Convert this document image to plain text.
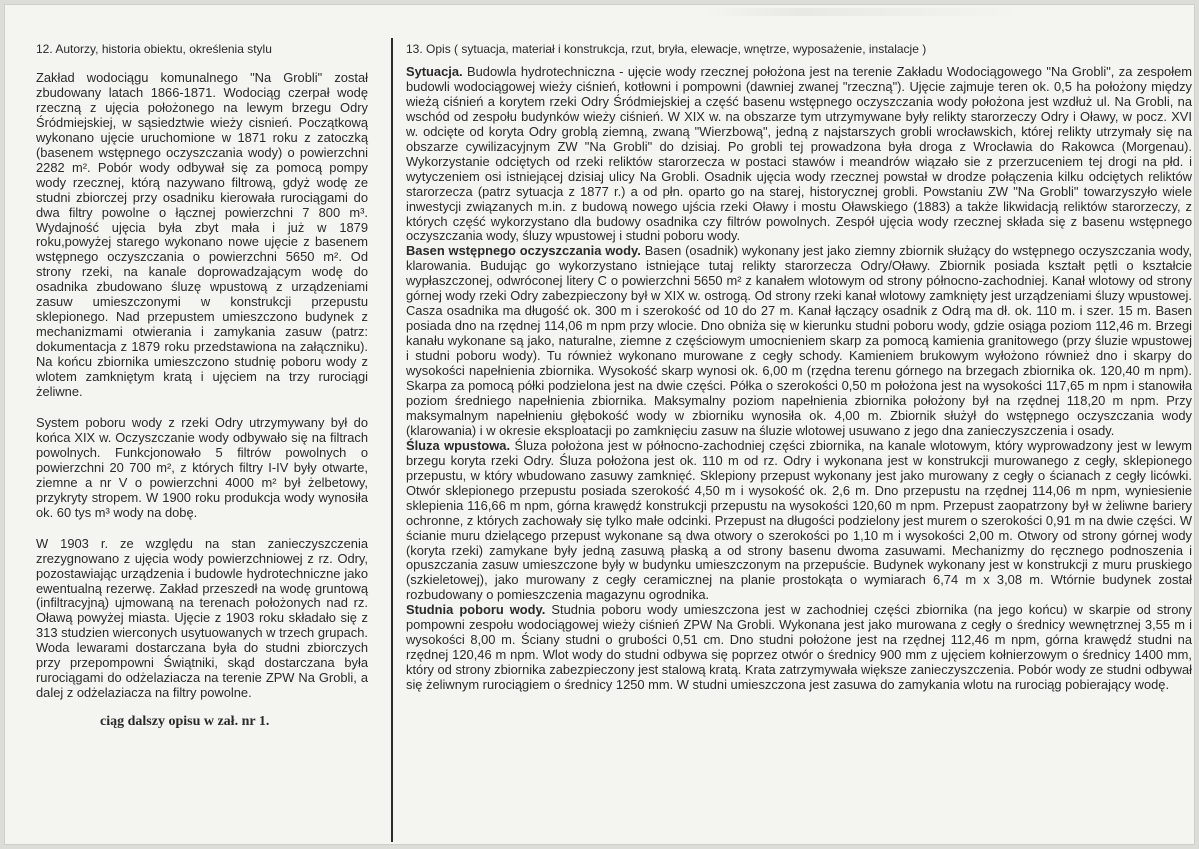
12. Autorzy, historia obiektu, określenia stylu

Zakład wodociągu komunalnego "Na Grobli" został zbudowany latach 1866-1871. Wodociąg czerpał wodę rzeczną z ujęcia położonego na lewym brzegu Odry Śródmiejskiej, w sąsiedztwie wieży cisnień. Początkową wykonano ujęcie uruchomione w 1871 roku z zatoczką (basenem wstępnego oczyszczania wody) o powierzchni 2282 m². Pobór wody odbywał się za pomocą pompy wody rzecznej, którą nazywano filtrową, gdyż wodę ze studni zbiorczej przy osadniku kierowała rurociągami do dwa filtry powolne o łącznej powierzchni 7 800 m³. Wydajność ujęcia była zbyt mała i już w 1879 roku,powyżej starego wykonano nowe ujęcie z basenem wstępnego oczyszczania o powierzchni 5650 m². Od strony rzeki, na kanale doprowadzającym wodę do osadnika zbudowano śluzę wpustową z urządzeniami zasuw umieszczonymi w konstrukcji przepustu sklepionego. Nad przepustem umieszczono budynek z mechanizmami otwierania i zamykania zasuw (patrz: dokumentacja z 1879 roku przedstawiona na załączniku). Na końcu zbiornika umieszczono studnię poboru wody z wlotem zamkniętym kratą i ujęciem na trzy rurociągi żeliwne.

System poboru wody z rzeki Odry utrzymywany był do końca XIX w. Oczyszczanie wody odbywało się na filtrach powolnych. Funkcjonowało 5 filtrów powolnych o powierzchni 20 700 m², z których filtry I-IV były otwarte, ziemne a nr V o powierzchni 4000 m² był żelbetowy, przykryty stropem. W 1900 roku produkcja wody wynosiła ok. 60 tys m³ wody na dobę.

W 1903 r. ze względu na stan zanieczyszczenia zrezygnowano z ujęcia wody powierzchniowej z rz. Odry, pozostawiając urządzenia i budowle hydrotechniczne jako ewentualną rezerwę. Zakład przeszedł na wodę gruntową (infiltracyjną) ujmowaną na terenach położonych nad rz. Oławą powyżej miasta. Ujęcie z 1903 roku składało się z 313 studzien wierconych usytuowanych w trzech grupach. Woda lewarami dostarczana była do studni zbiorczych przy przepompowni Świątniki, skąd dostarczana była rurociągami do odżelaziacza na terenie ZPW Na Grobli, a dalej z odżelaziacza na filtry powolne.

ciąg dalszy opisu w zał. nr 1.

13. Opis ( sytuacja, materiał i konstrukcja, rzut, bryła, elewacje, wnętrze, wyposażenie, instalacje )

Sytuacja. Budowla hydrotechniczna - ujęcie wody rzecznej położona jest na terenie Zakładu Wodociągowego "Na Grobli", za zespołem budowli wodociągowej wieży ciśnień, kotłowni i pompowni (dawniej zwanej "rzeczną"). Ujęcie zajmuje teren ok. 0,5 ha położony między wieżą ciśnień a korytem rzeki Odry Śródmiejskiej a część basenu wstępnego oczyszczania wody położona jest wzdłuż ul. Na Grobli, na wschód od zespołu budynków wieży ciśnień. W XIX w. na obszarze tym utrzymywane były relikty starorzeczy Odry i Oławy, w pocz. XVI w. odcięte od koryta Odry groblą ziemną, zwaną "Wierzbową", jedną z najstarszych grobli wrocławskich, której relikty utrzymały się na obszarze cywilizacyjnym ZW "Na Grobli" do dzisiaj. Po grobli tej prowadzona była droga z Wrocławia do Rakowca (Morgenau). Wykorzystanie odciętych od rzeki reliktów starorzecza w postaci stawów i meandrów wiązało sie z przerzuceniem tej drogi na płd. i wytyczeniem osi istniejącej dzisiaj ulicy Na Grobli. Osadnik ujęcia wody rzecznej powstał w drodze połączenia kilku odciętych reliktów starorzecza (patrz sytuacja z 1877 r.) a od płn. oparto go na starej, historycznej grobli. Powstaniu ZW "Na Grobli" towarzyszyło wiele inwestycji związanych m.in. z budową nowego ujścia rzeki Oławy i mostu Oławskiego (1883) a także likwidacją reliktów starorzeczy, z których część wykorzystano dla budowy osadnika czy filtrów powolnych. Zespół ujęcia wody rzecznej składa się z basenu wstępnego oczyszczania wody, śluzy wpustowej i studni poboru wody.

Basen wstępnego oczyszczania wody. Basen (osadnik) wykonany jest jako ziemny zbiornik służący do wstępnego oczyszczania wody, klarowania. Budując go wykorzystano istniejące tutaj relikty starorzecza Odry/Oławy. Zbiornik posiada kształt pętli o kształcie wypłaszczonej, odwróconej litery C o powierzchni 5650 m² z kanałem wlotowym od strony północno-zachodniej. Kanał wlotowy od strony górnej wody rzeki Odry zabezpieczony był w XIX w. ostrogą. Od strony rzeki kanał wlotowy zamknięty jest urządzeniami śluzy wpustowej. Casza osadnika ma długość ok. 300 m i szerokość od 10 do 27 m. Kanał łączący osadnik z Odrą ma dł. ok. 110 m. i szer. 15 m. Basen posiada dno na rzędnej 114,06 m npm przy wlocie. Dno obniża się w kierunku studni poboru wody, gdzie osiąga poziom 112,46 m. Brzegi kanału wykonane są jako, naturalne, ziemne z częściowym umocnieniem skarp za pomocą kamienia granitowego (przy śluzie wpustowej i studni poboru wody). Tu również wykonano murowane z cegły schody. Kamieniem brukowym wyłożono również dno i skarpy do wysokości napełnienia zbiornika. Wysokość skarp wynosi ok. 6,00 m (rzędna terenu górnego na brzegach zbiornika ok. 120,40 m npm). Skarpa za pomocą półki podzielona jest na dwie części. Półka o szerokości 0,50 m położona jest na wysokości 117,65 m npm i stanowiła poziom średniego napełnienia zbiornika. Maksymalny poziom napełnienia zbiornika położony był na rzędnej 118,20 m npm. Przy maksymalnym napełnieniu głębokość wody w zbiorniku wynosiła ok. 4,00 m. Zbiornik służył do wstępnego oczyszczania wody (klarowania) i w okresie eksploatacji po zamknięciu zasuw na śluzie wlotowej usuwano z jego dna zanieczyszczenia i osady.

Śluza wpustowa. Śluza położona jest w północno-zachodniej części zbiornika, na kanale wlotowym, który wyprowadzony jest w lewym brzegu koryta rzeki Odry. Śluza położona jest ok. 110 m od rz. Odry i wykonana jest w konstrukcji murowanego z cegły, sklepionego przepustu, w który wbudowano zasuwy zamknięć. Sklepiony przepust wykonany jest jako murowany z cegły o ścianach z cegły licówki. Otwór sklepionego przepustu posiada szerokość 4,50 m i wysokość ok. 2,6 m. Dno przepustu na rzędnej 114,06 m npm, wyniesienie sklepienia 116,66 m npm, górna krawędź konstrukcji przepustu na wysokości 120,60 m npm. Przepust zaopatrzony był w żeliwne bariery ochronne, z których zachowały się tylko małe odcinki. Przepust na długości podzielony jest murem o szerokości 0,91 m na dwie części. W ścianie muru dzielącego przepust wykonane są dwa otwory o szerokości po 1,10 m i wysokości 2,00 m. Otwory od strony górnej wody (koryta rzeki) zamykane były jedną zasuwą płaską a od strony basenu dwoma zasuwami. Mechanizmy do ręcznego podnoszenia i opuszczania zasuw umieszczone były w budynku umieszczonym na przepuście. Budynek wykonany jest w konstrukcji z muru pruskiego (szkieletowej), jako murowany z cegły ceramicznej na planie prostokąta o wymiarach 6,74 m x 3,08 m. Wtórnie budynek został rozbudowany o pomieszczenia magazynu ogrodnika.

Studnia poboru wody. Studnia poboru wody umieszczona jest w zachodniej części zbiornika (na jego końcu) w skarpie od strony pompowni zespołu wodociągowej wieży ciśnień ZPW Na Grobli. Wykonana jest jako murowana z cegły o średnicy wewnętrznej 3,55 m i wysokości 8,00 m. Ściany studni o grubości 0,51 cm. Dno studni położone jest na rzędnej 112,46 m npm, górna krawędź studni na rzędnej 120,46 m npm. Wlot wody do studni odbywa się poprzez otwór o średnicy 900 mm z ujęciem kołnierzowym o średnicy 1400 mm, który od strony zbiornika zabezpieczony jest stalową kratą. Krata zatrzymywała większe zanieczyszczenia. Pobór wody ze studni odbywał się żeliwnym rurociągiem o średnicy 1250 mm. W studni umieszczona jest zasuwa do zamykania wlotu na rurociąg pobierający wodę.
